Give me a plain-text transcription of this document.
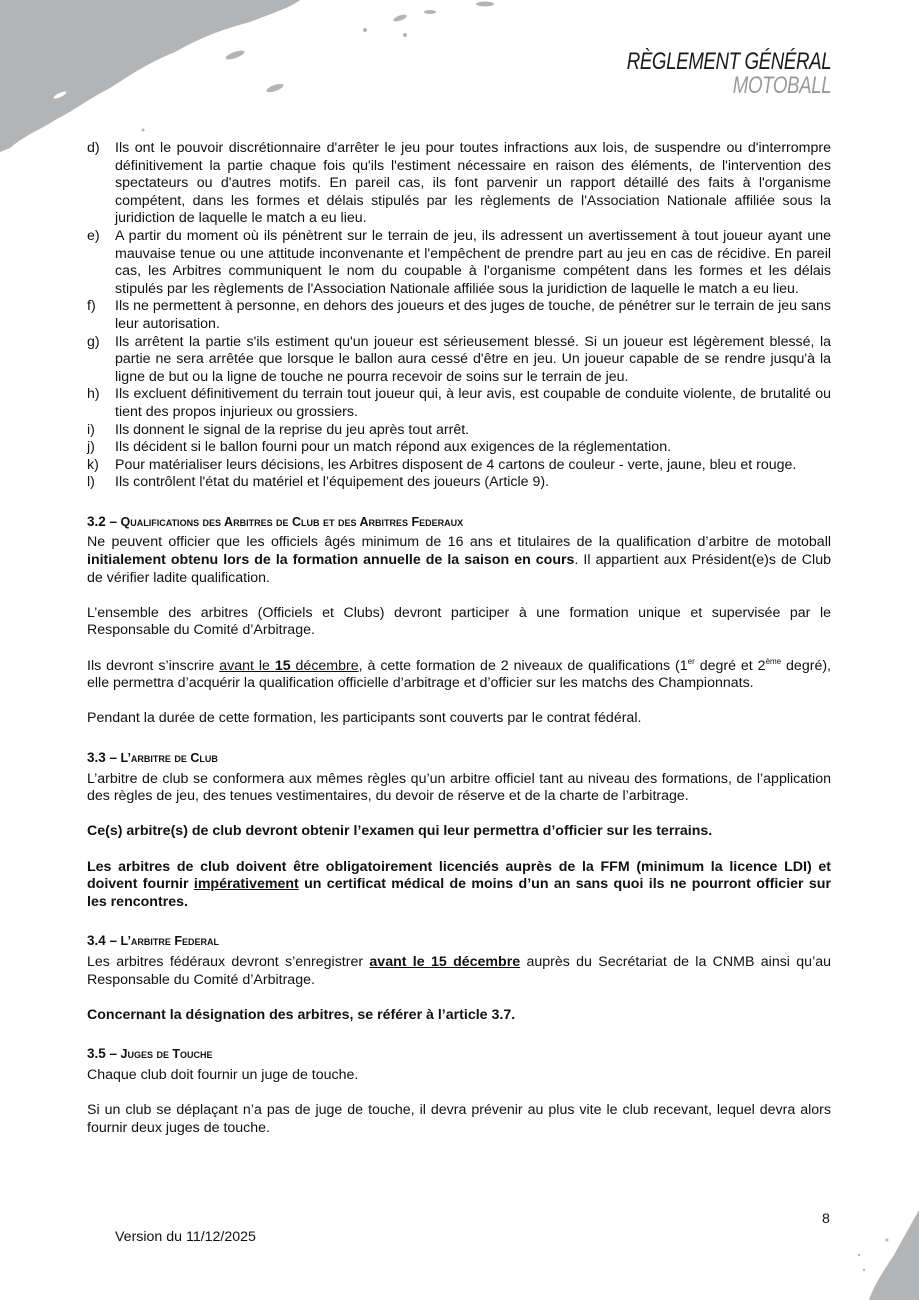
RÈGLEMENT GÉNÉRAL
MOTOBALL
d) Ils ont le pouvoir discrétionnaire d'arrêter le jeu pour toutes infractions aux lois, de suspendre ou d'interrompre définitivement la partie chaque fois qu'ils l'estiment nécessaire en raison des éléments, de l'intervention des spectateurs ou d'autres motifs. En pareil cas, ils font parvenir un rapport détaillé des faits à l'organisme compétent, dans les formes et délais stipulés par les règlements de l'Association Nationale affiliée sous la juridiction de laquelle le match a eu lieu.
e) A partir du moment où ils pénètrent sur le terrain de jeu, ils adressent un avertissement à tout joueur ayant une mauvaise tenue ou une attitude inconvenante et l'empêchent de prendre part au jeu en cas de récidive. En pareil cas, les Arbitres communiquent le nom du coupable à l'organisme compétent dans les formes et les délais stipulés par les règlements de l'Association Nationale affiliée sous la juridiction de laquelle le match a eu lieu.
f) Ils ne permettent à personne, en dehors des joueurs et des juges de touche, de pénétrer sur le terrain de jeu sans leur autorisation.
g) Ils arrêtent la partie s'ils estiment qu'un joueur est sérieusement blessé. Si un joueur est légèrement blessé, la partie ne sera arrêtée que lorsque le ballon aura cessé d'être en jeu. Un joueur capable de se rendre jusqu'à la ligne de but ou la ligne de touche ne pourra recevoir de soins sur le terrain de jeu.
h) Ils excluent définitivement du terrain tout joueur qui, à leur avis, est coupable de conduite violente, de brutalité ou tient des propos injurieux ou grossiers.
i) Ils donnent le signal de la reprise du jeu après tout arrêt.
j) Ils décident si le ballon fourni pour un match répond aux exigences de la réglementation.
k) Pour matérialiser leurs décisions, les Arbitres disposent de 4 cartons de couleur - verte, jaune, bleu et rouge.
l) Ils contrôlent l'état du matériel et l’équipement des joueurs (Article 9).
3.2 – Qualifications des Arbitres de Club et des Arbitres Federaux

Ne peuvent officier que les officiels âgés minimum de 16 ans et titulaires de la qualification d’arbitre de motoball initialement obtenu lors de la formation annuelle de la saison en cours. Il appartient aux Président(e)s de Club de vérifier ladite qualification.

L’ensemble des arbitres (Officiels et Clubs) devront participer à une formation unique et supervisée par le Responsable du Comité d’Arbitrage.

Ils devront s’inscrire avant le 15 décembre, à cette formation de 2 niveaux de qualifications (1er degré et 2ème degré), elle permettra d’acquérir la qualification officielle d’arbitrage et d’officier sur les matchs des Championnats.

Pendant la durée de cette formation, les participants sont couverts par le contrat fédéral.

3.3 – L’arbitre de Club

L’arbitre de club se conformera aux mêmes règles qu’un arbitre officiel tant au niveau des formations, de l’application des règles de jeu, des tenues vestimentaires, du devoir de réserve et de la charte de l’arbitrage.

Ce(s) arbitre(s) de club devront obtenir l’examen qui leur permettra d’officier sur les terrains.

Les arbitres de club doivent être obligatoirement licenciés auprès de la FFM (minimum la licence LDI) et doivent fournir impérativement un certificat médical de moins d’un an sans quoi ils ne pourront officier sur les rencontres.

3.4 – L’arbitre Federal

Les arbitres fédéraux devront s’enregistrer avant le 15 décembre auprès du Secrétariat de la CNMB ainsi qu’au Responsable du Comité d’Arbitrage.

Concernant la désignation des arbitres, se référer à l’article 3.7.

3.5 – Juges de Touche

Chaque club doit fournir un juge de touche.

Si un club se déplaçant n’a pas de juge de touche, il devra prévenir au plus vite le club recevant, lequel devra alors fournir deux juges de touche.

Version du 11/12/2025
8
